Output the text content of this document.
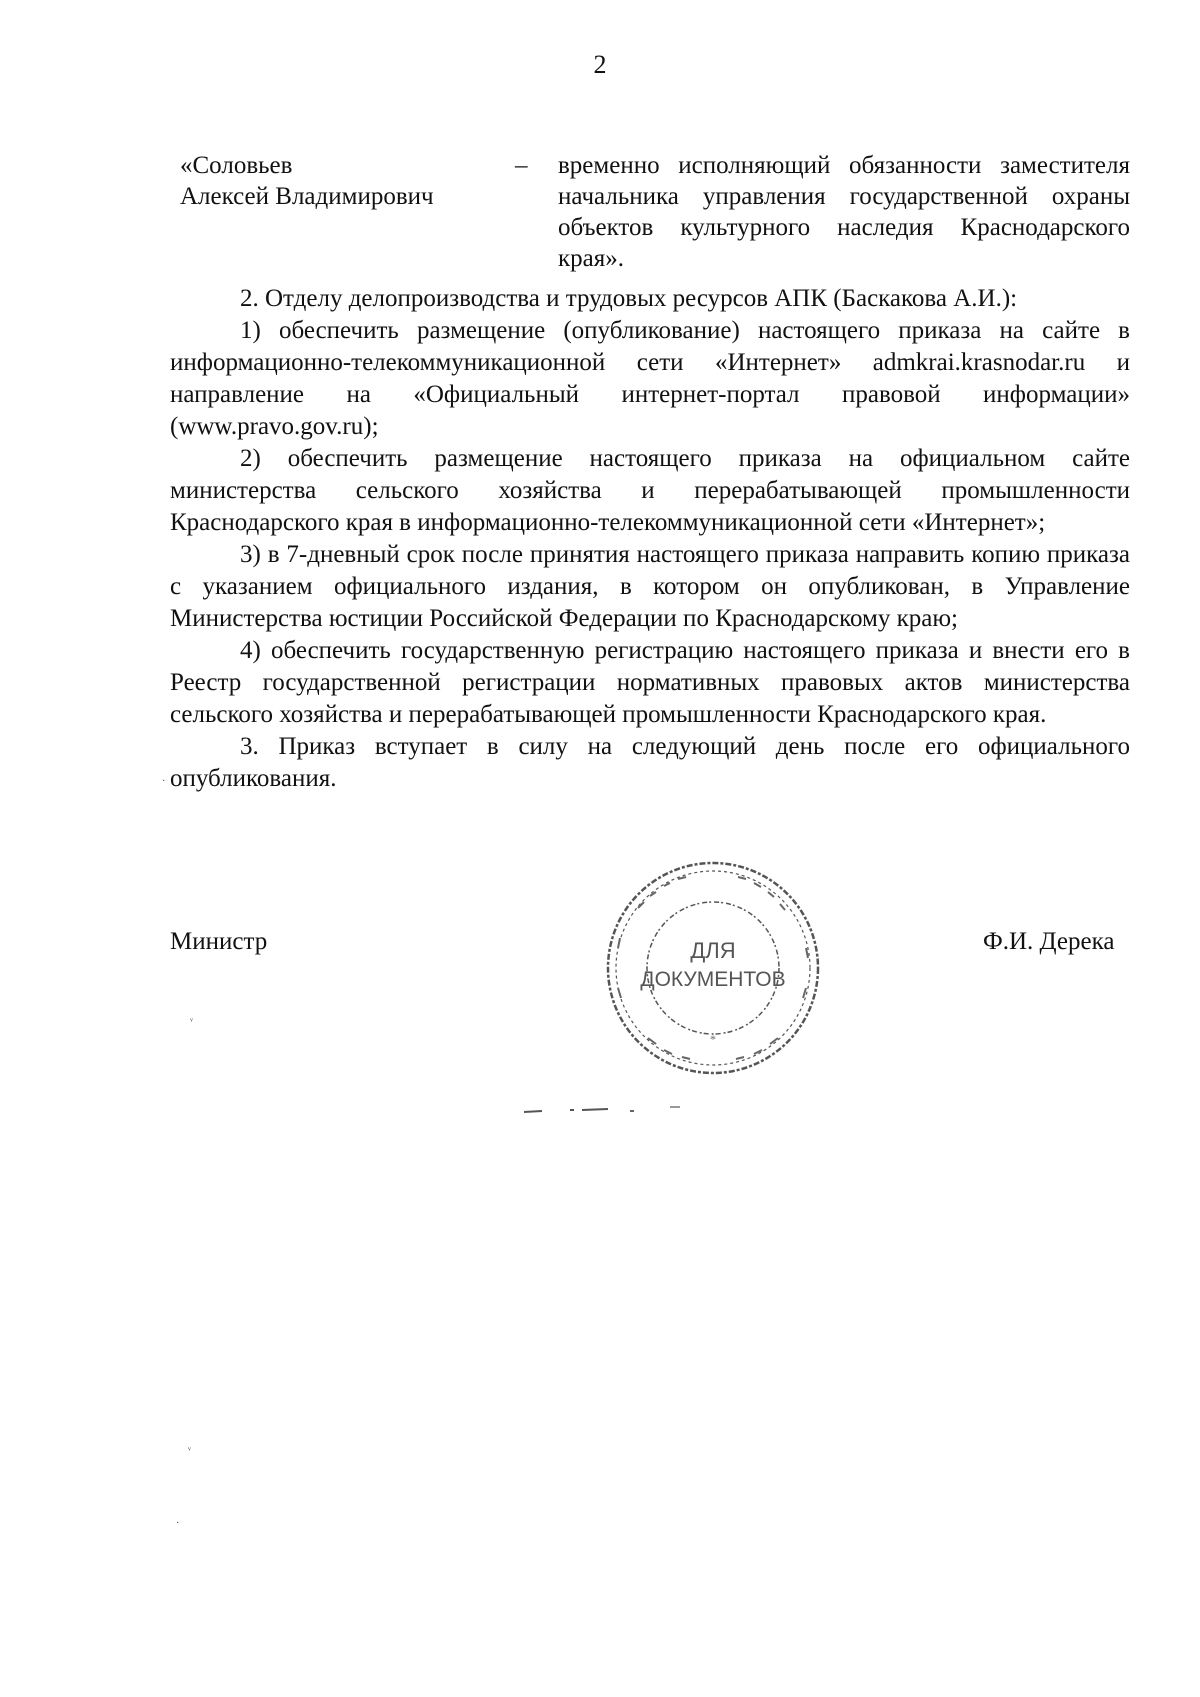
2
«Соловьев
Алексей Владимирович
– временно исполняющий обязанности заместителя начальника управления государственной охраны объектов культурного наследия Краснодарского края».

2. Отделу делопроизводства и трудовых ресурсов АПК (Баскакова А.И.):

1) обеспечить размещение (опубликование) настоящего приказа на сайте в информационно-телекоммуникационной сети «Интернет» admkrai.krasnodar.ru и направление на «Официальный интернет-портал правовой информации» (www.pravo.gov.ru);

2) обеспечить размещение настоящего приказа на официальном сайте министерства сельского хозяйства и перерабатывающей промышленности Краснодарского края в информационно-телекоммуникационной сети «Интернет»;

3) в 7-дневный срок после принятия настоящего приказа направить копию приказа с указанием официального издания, в котором он опубликован, в Управление Министерства юстиции Российской Федерации по Краснодарскому краю;

4) обеспечить государственную регистрацию настоящего приказа и внести его в Реестр государственной регистрации нормативных правовых актов министерства сельского хозяйства и перерабатывающей промышленности Краснодарского края.

3. Приказ вступает в силу на следующий день после его официального опубликования.

Министр	Ф.И. Дерека
ДЛЯ
ДОКУМЕНТОВ
*
ᵛ
ᵛ
·
·
